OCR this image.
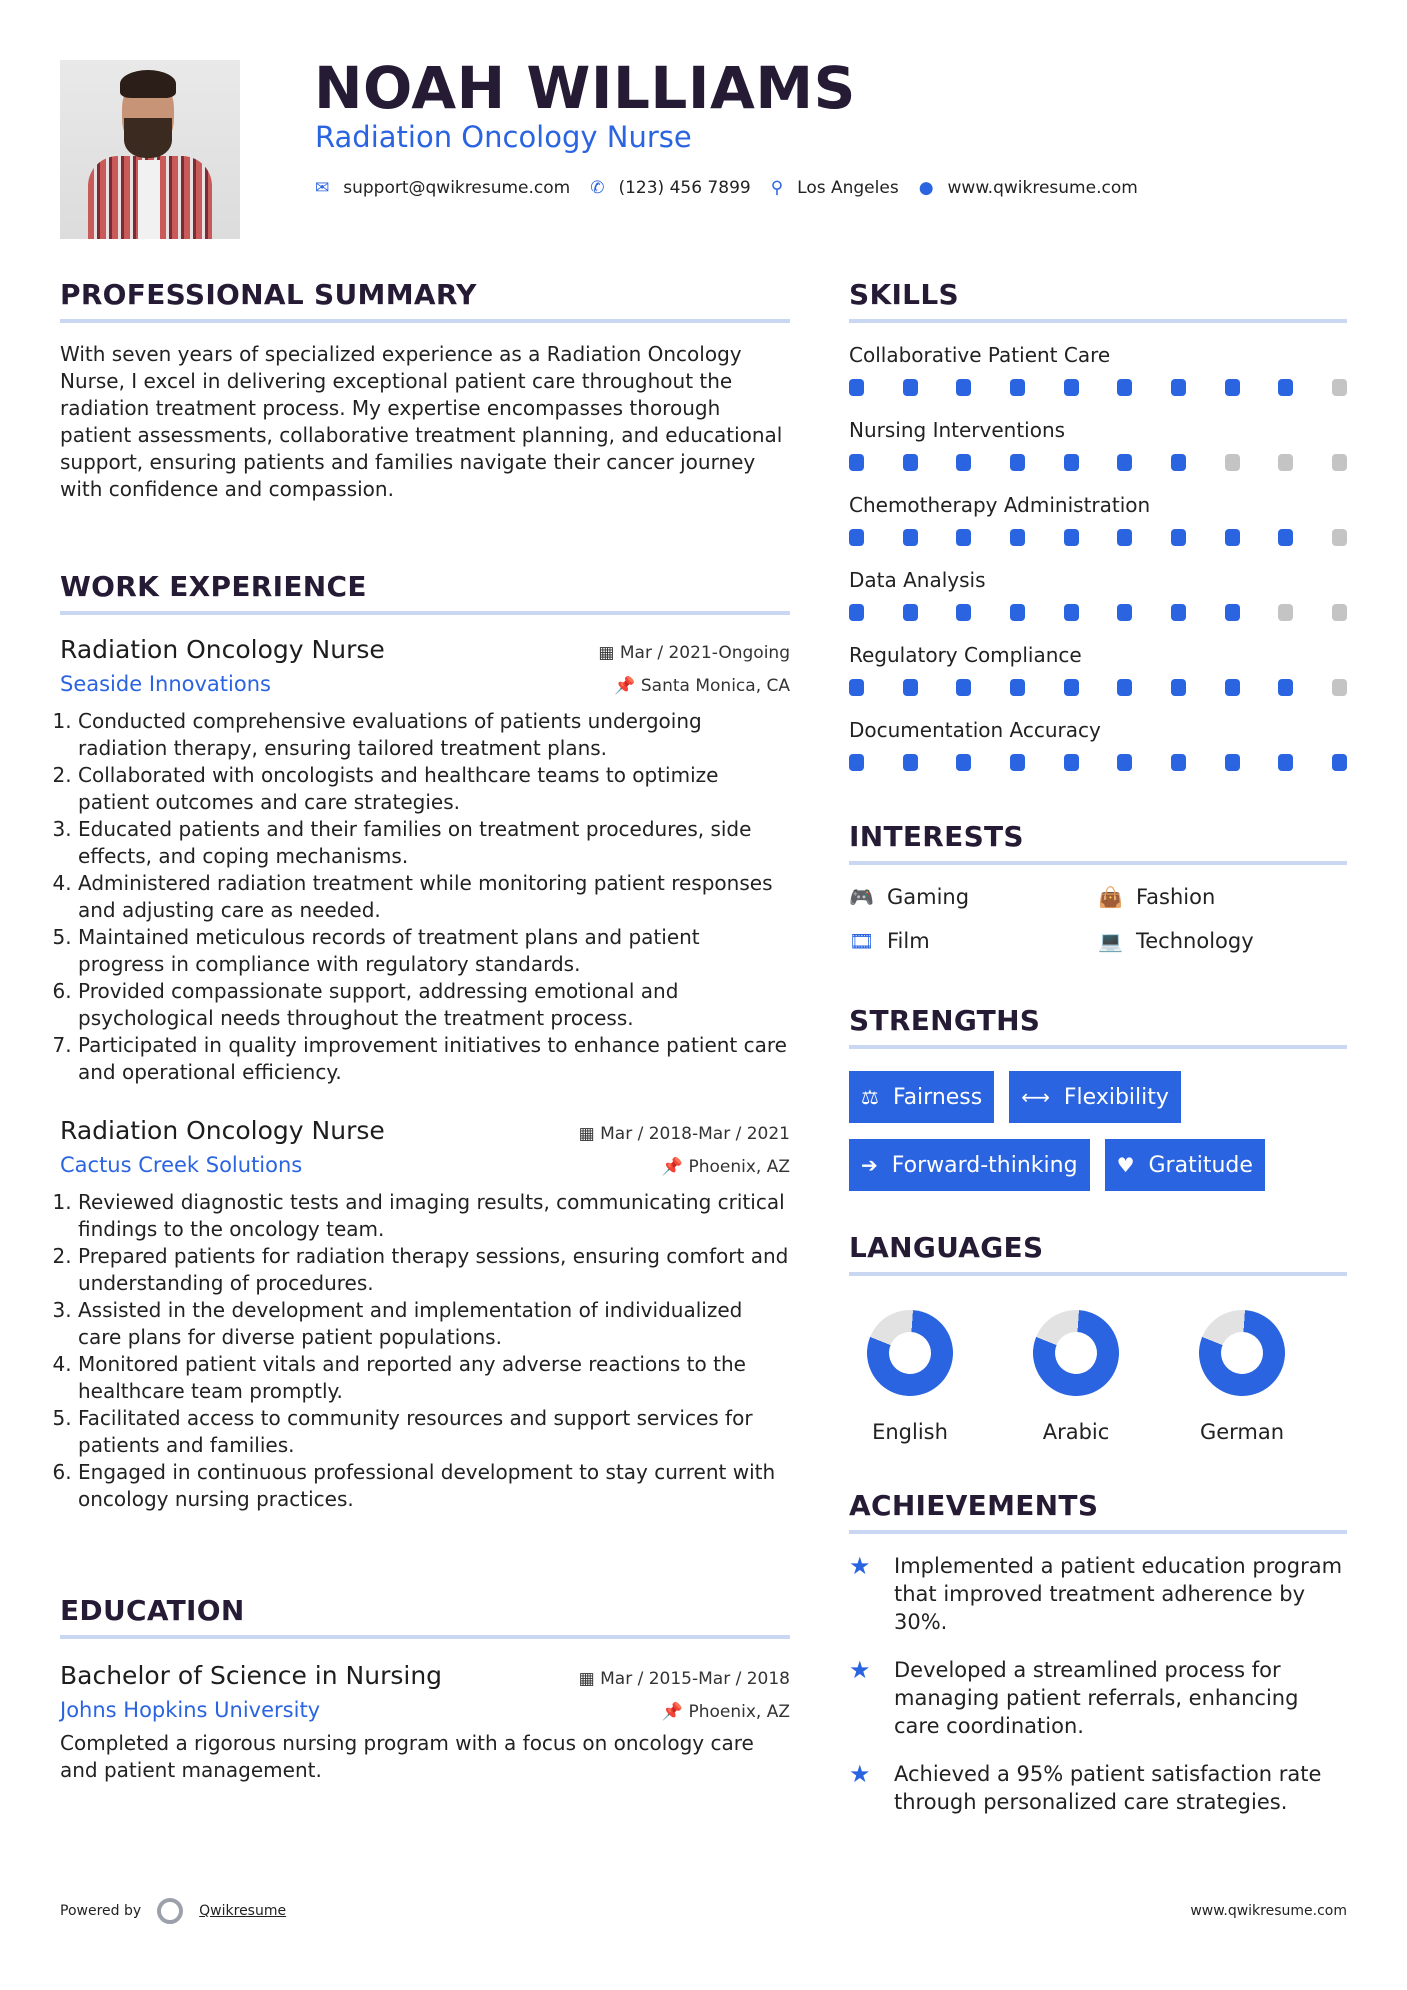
NOAH WILLIAMS
Radiation Oncology Nurse
✉ support@qwikresume.com ✆ (123) 456 7899 ⚲ Los Angeles ● www.qwikresume.com
PROFESSIONAL SUMMARY

With seven years of specialized experience as a Radiation Oncology Nurse, I excel in delivering exceptional patient care throughout the radiation treatment process. My expertise encompasses thorough patient assessments, collaborative treatment planning, and educational support, ensuring patients and families navigate their cancer journey with confidence and compassion.

WORK EXPERIENCE
Radiation Oncology Nurse	▦ Mar / 2021-Ongoing
Seaside Innovations	📌 Santa Monica, CA
1. Conducted comprehensive evaluations of patients undergoing radiation therapy, ensuring tailored treatment plans.
2. Collaborated with oncologists and healthcare teams to optimize patient outcomes and care strategies.
3. Educated patients and their families on treatment procedures, side effects, and coping mechanisms.
4. Administered radiation treatment while monitoring patient responses and adjusting care as needed.
5. Maintained meticulous records of treatment plans and patient progress in compliance with regulatory standards.
6. Provided compassionate support, addressing emotional and psychological needs throughout the treatment process.
7. Participated in quality improvement initiatives to enhance patient care and operational efficiency.
Radiation Oncology Nurse	▦ Mar / 2018-Mar / 2021
Cactus Creek Solutions	📌 Phoenix, AZ
1. Reviewed diagnostic tests and imaging results, communicating critical findings to the oncology team.
2. Prepared patients for radiation therapy sessions, ensuring comfort and understanding of procedures.
3. Assisted in the development and implementation of individualized care plans for diverse patient populations.
4. Monitored patient vitals and reported any adverse reactions to the healthcare team promptly.
5. Facilitated access to community resources and support services for patients and families.
6. Engaged in continuous professional development to stay current with oncology nursing practices.
EDUCATION
Bachelor of Science in Nursing	▦ Mar / 2015-Mar / 2018
Johns Hopkins University	📌 Phoenix, AZ

Completed a rigorous nursing program with a focus on oncology care and patient management.

SKILLS
Collaborative Patient Care
Nursing Interventions
Chemotherapy Administration
Data Analysis
Regulatory Compliance
Documentation Accuracy
INTERESTS
🎮 Gaming	👜 Fashion
🎞 Film	💻 Technology
STRENGTHS
⚖ Fairness ⟷ Flexibility
➔ Forward-thinking ♥ Gratitude
LANGUAGES
English	Arabic	German
ACHIEVEMENTS
★	Implemented a patient education program that improved treatment adherence by 30%.
★	Developed a streamlined process for managing patient referrals, enhancing care coordination.
★	Achieved a 95% patient satisfaction rate through personalized care strategies.
Powered by	Qwikresume	www.qwikresume.com
